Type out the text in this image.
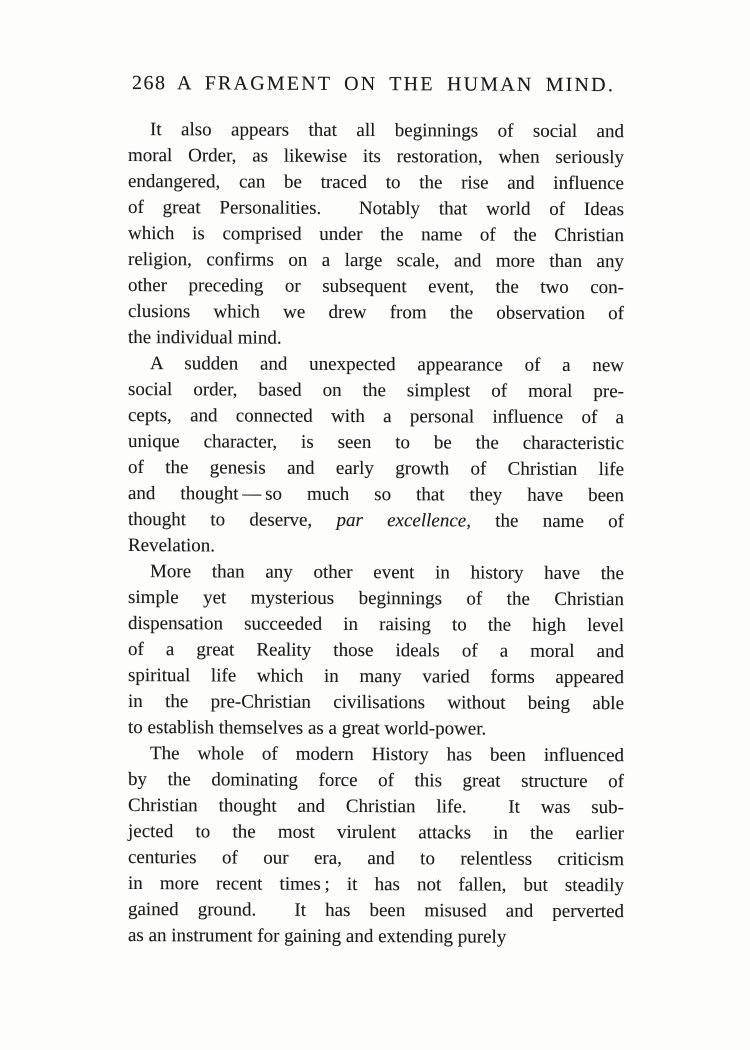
268 A FRAGMENT ON THE HUMAN MIND.
It also appears that all beginnings of social and
moral Order, as likewise its restoration, when seriously
endangered, can be traced to the rise and influence
of great Personalities.  Notably that world of Ideas
which is comprised under the name of the Christian
religion, confirms on a large scale, and more than any
other preceding or subsequent event, the two con-
clusions which we drew from the observation of
the individual mind.
A sudden and unexpected appearance of a new
social order, based on the simplest of moral pre-
cepts, and connected with a personal influence of a
unique character, is seen to be the characteristic
of the genesis and early growth of Christian life
and thought — so much so that they have been
thought to deserve, par excellence, the name of
Revelation.
More than any other event in history have the
simple yet mysterious beginnings of the Christian
dispensation succeeded in raising to the high level
of a great Reality those ideals of a moral and
spiritual life which in many varied forms appeared
in the pre-Christian civilisations without being able
to establish themselves as a great world-power.
The whole of modern History has been influenced
by the dominating force of this great structure of
Christian thought and Christian life.  It was sub-
jected to the most virulent attacks in the earlier
centuries of our era, and to relentless criticism
in more recent times ; it has not fallen, but steadily
gained ground.  It has been misused and perverted
as an instrument for gaining and extending purely
